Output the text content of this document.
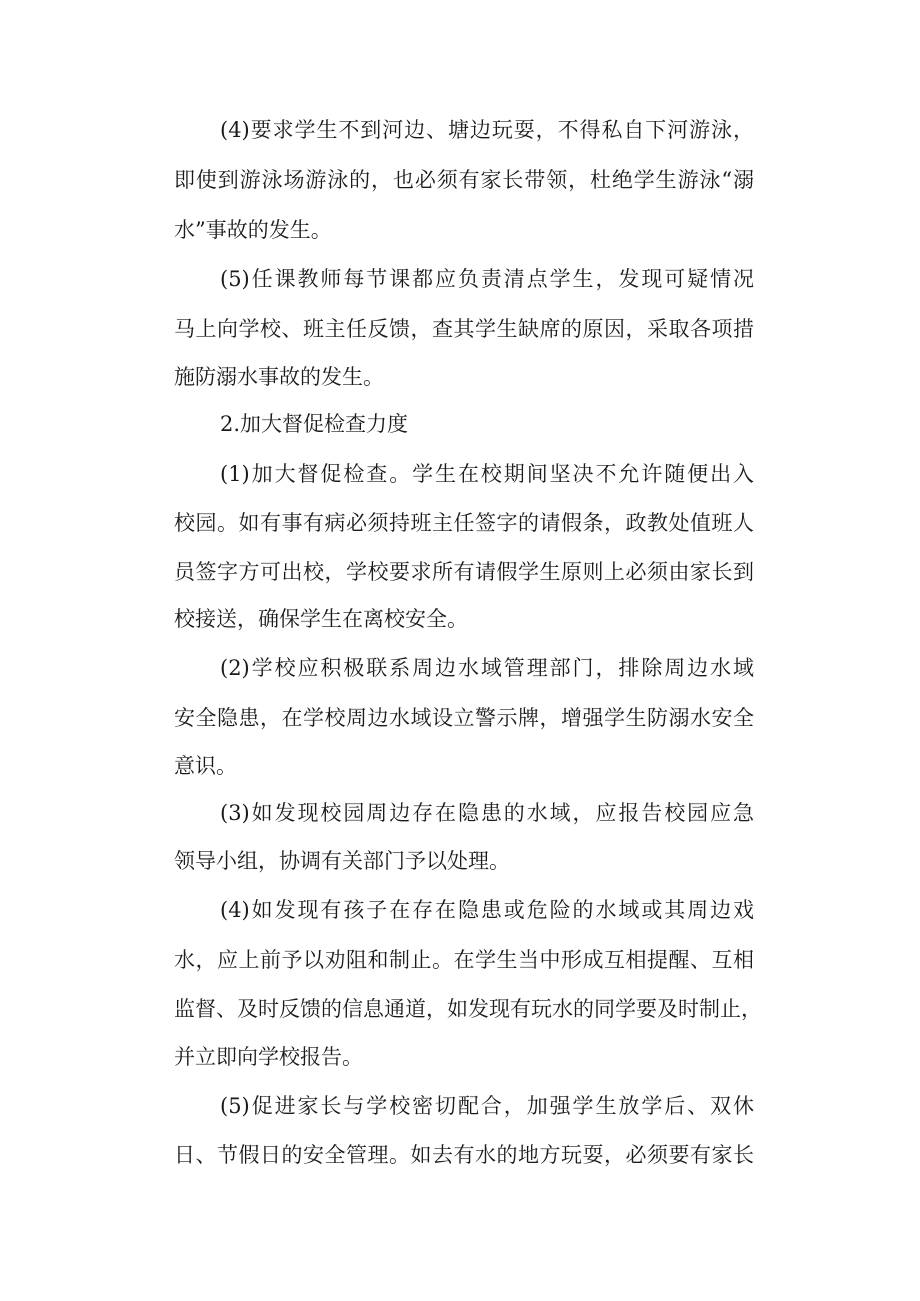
(4)要求学生不到河边、塘边玩耍，不得私自下河游泳，
即使到游泳场游泳的，也必须有家长带领，杜绝学生游泳“溺
水”事故的发生。
(5)任课教师每节课都应负责清点学生，发现可疑情况
马上向学校、班主任反馈，查其学生缺席的原因，采取各项措
施防溺水事故的发生。
2.加大督促检查力度
(1)加大督促检查。学生在校期间坚决不允许随便出入
校园。如有事有病必须持班主任签字的请假条，政教处值班人
员签字方可出校，学校要求所有请假学生原则上必须由家长到
校接送，确保学生在离校安全。
(2)学校应积极联系周边水域管理部门，排除周边水域
安全隐患，在学校周边水域设立警示牌，增强学生防溺水安全
意识。
(3)如发现校园周边存在隐患的水域，应报告校园应急
领导小组，协调有关部门予以处理。
(4)如发现有孩子在存在隐患或危险的水域或其周边戏
水，应上前予以劝阻和制止。在学生当中形成互相提醒、互相
监督、及时反馈的信息通道，如发现有玩水的同学要及时制止，
并立即向学校报告。
(5)促进家长与学校密切配合，加强学生放学后、双休
日、节假日的安全管理。如去有水的地方玩耍，必须要有家长
